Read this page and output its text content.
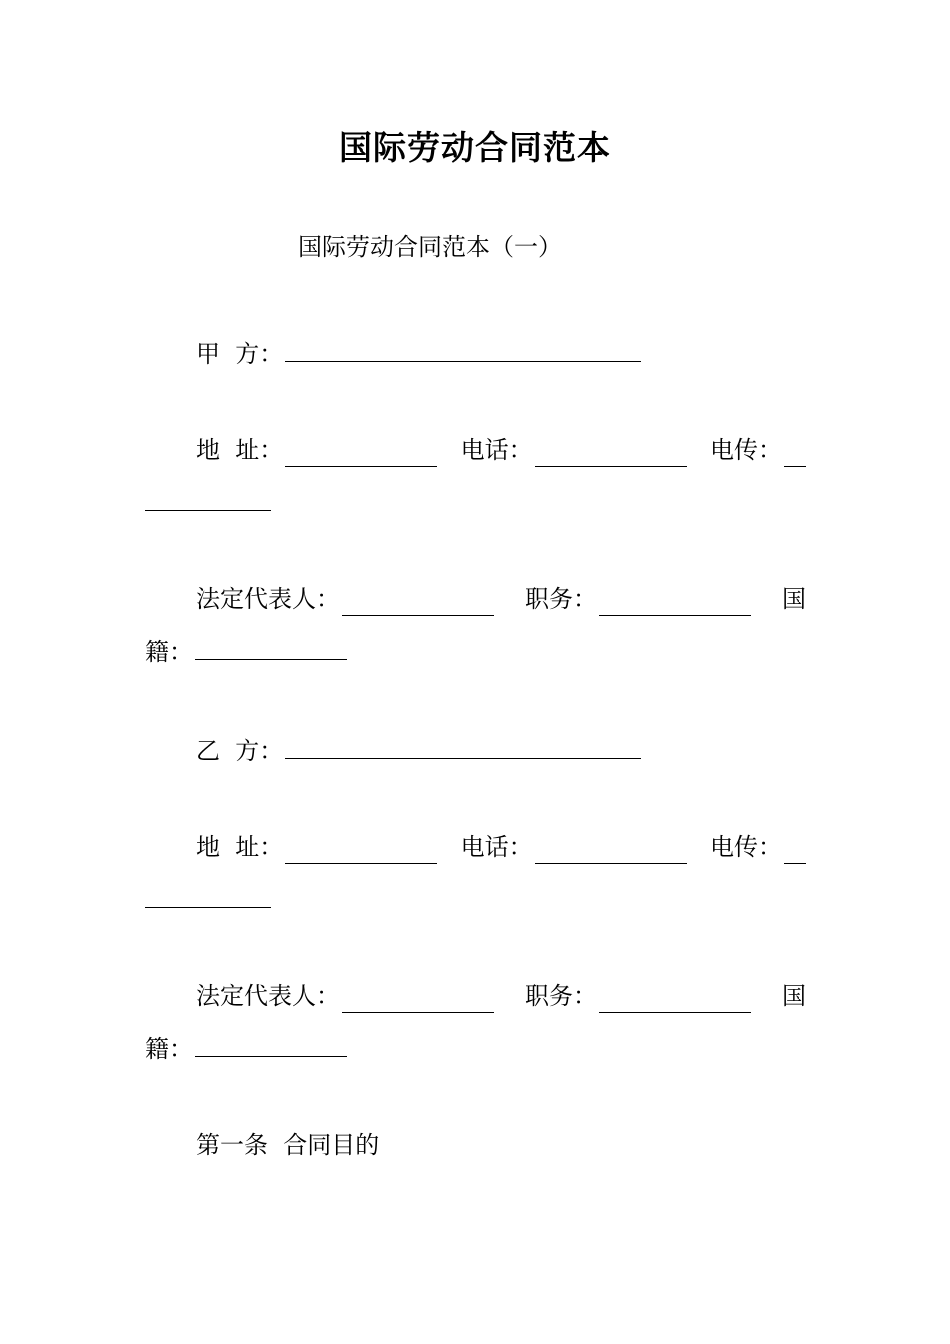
国际劳动合同范本
国际劳动合同范本（一）
甲  方：
地  址：	电话：	电传：
法定代表人：	职务：	国
籍：
乙  方：
地  址：	电话：	电传：
法定代表人：	职务：	国
籍：
第一条  合同目的
